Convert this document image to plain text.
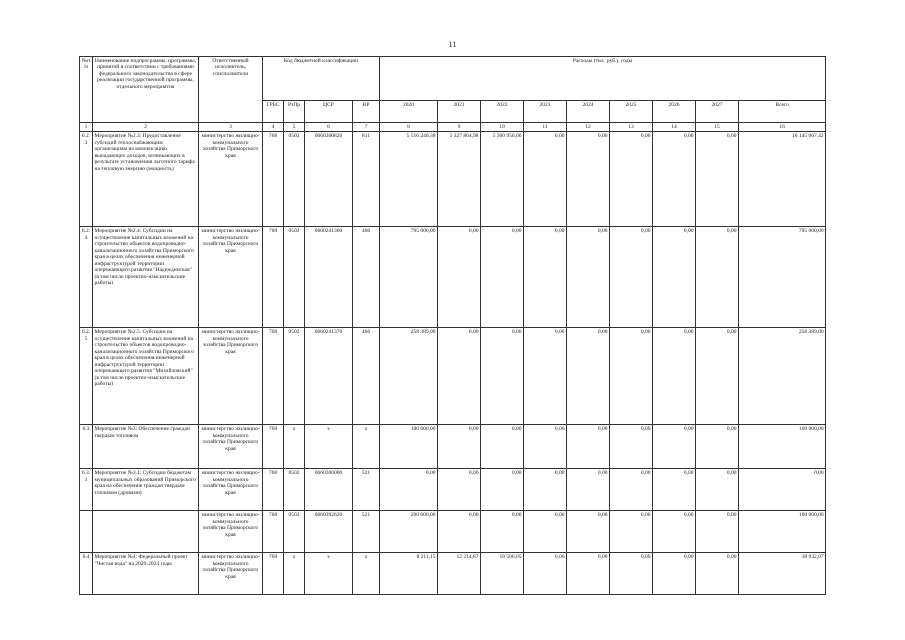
11
№п/п	Наименование подпрограммы, программы, принятой в соответствии с требованиями федерального законодательства в сфере реализации государственной программы, отдельного мероприятия	Ответственный исполнитель, соисполнители	Код бюджетной классификации				Расходы (тыс. руб.), годы								
			ГРБС	РзПр	ЦСР	ВР	2020	2021	2022	2023	2024	2025	2026	2027	Всего
1	2	3	4	5	6	7	8	9	10	11	12	13	14	15	16
6.2.3	Мероприятие №2.3: Предоставление субсидий теплоснабжающим организациям на компенсацию выпадающих доходов, возникающих в результате установления льготного тарифа на тепловую энергию (мощность)	министерство жилищно-коммунального хозяйства Приморского края	768	0502	0660260820	811	5 516 246,38	5 327 864,98	5 300 956,06	0,00	0,00	0,00	0,00	0,00	16 145 067,42
6.2.4	Мероприятие №2.4: Субсидии на осуществление капитальных вложений на строительство объектов водопроводно-канализационного хозяйства Приморского края в целях обеспечения инженерной инфраструктурой территории опережающего развития "Надеждинская" (в том числе проектно-изыскательские работы)	министерство жилищно-коммунального хозяйства Приморского края	768	0502	0660241360	466	795 000,00	0,00	0,00	0,00	0,00	0,00	0,00	0,00	795 000,00
6.2.5	Мероприятие №2.5. Субсидии на осуществление капитальных вложений на строительство объектов водопроводно-канализационного хозяйства Приморского края в целях обеспечения инженерной инфраструктурой территории опережающего развития "Михайловский" (в том числе проектно-изыскательские работы)	министерство жилищно-коммунального хозяйства Приморского края	768	0502	0660241370	466	258 389,00	0,00	0,00	0,00	0,00	0,00	0,00	0,00	258 389,00
6.3	Мероприятие №3: Обеспечение граждан твердым топливом	министерство жилищно-коммунального хозяйства Приморского края	768	х	х	х	100 000,00	0,00	0,00	0,00	0,00	0,00	0,00	0,00	100 000,00
6.3.1	Мероприятие №3.1: Субсидии бюджетам муниципальных образований Приморского края на обеспечение граждан твердым топливом (дровами)	министерство жилищно-коммунального хозяйства Приморского края	768	0502	0660300000	521	0,00	0,00	0,00	0,00	0,00	0,00	0,00	0,00	0,00
		министерство жилищно-коммунального хозяйства Приморского края	768	0502	0660392620	521	200 000,00	0,00	0,00	0,00	0,00	0,00	0,00	0,00	100 000,00
6.4	Мероприятие №4: Федеральный проект "Чистая вода" на 2020-2024 годы	министерство жилищно-коммунального хозяйства Приморского края	768	х	х	х	8 211,15	12 214,87	18 506,05	0,00	0,00	0,00	0,00	0,00	38 932,07
